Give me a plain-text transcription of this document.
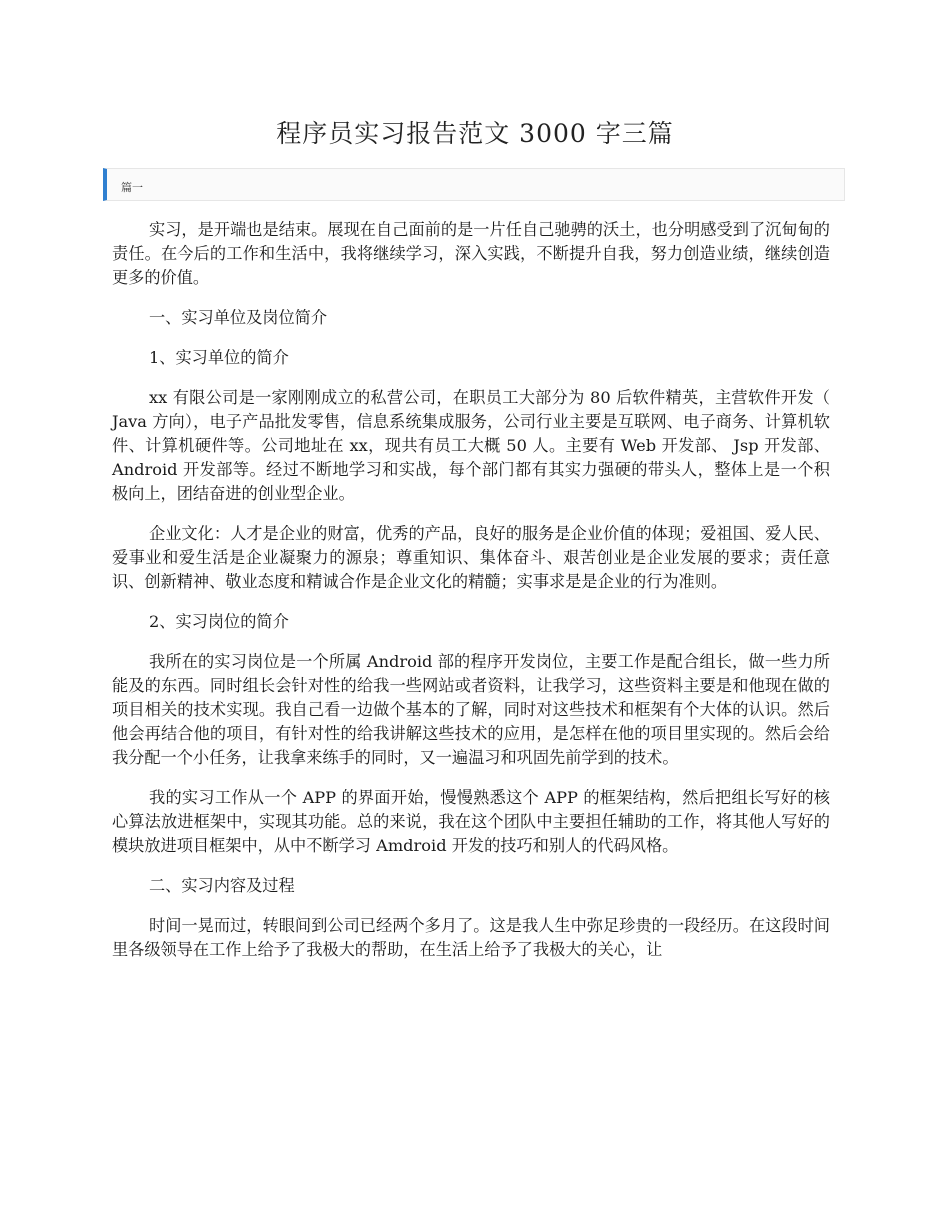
程序员实习报告范文 3000 字三篇
篇一

实习，是开端也是结束。展现在自己面前的是一片任自己驰骋的沃土，也分明感受到了沉甸甸的责任。在今后的工作和生活中，我将继续学习，深入实践，不断提升自我，努力创造业绩，继续创造更多的价值。

一、实习单位及岗位简介

1、实习单位的简介

xx 有限公司是一家刚刚成立的私营公司，在职员工大部分为 80 后软件精英，主营软件开发（ Java 方向），电子产品批发零售，信息系统集成服务，公司行业主要是互联网、电子商务、计算机软件、计算机硬件等。公司地址在 xx，现共有员工大概 50 人。主要有 Web 开发部、 Jsp 开发部、 Android 开发部等。经过不断地学习和实战，每个部门都有其实力强硬的带头人，整体上是一个积极向上，团结奋进的创业型企业。

企业文化：人才是企业的财富，优秀的产品，良好的服务是企业价值的体现；爱祖国、爱人民、爱事业和爱生活是企业凝聚力的源泉；尊重知识、集体奋斗、艰苦创业是企业发展的要求；责任意识、创新精神、敬业态度和精诚合作是企业文化的精髓；实事求是是企业的行为准则。

2、实习岗位的简介

我所在的实习岗位是一个所属 Android 部的程序开发岗位，主要工作是配合组长，做一些力所能及的东西。同时组长会针对性的给我一些网站或者资料，让我学习，这些资料主要是和他现在做的项目相关的技术实现。我自己看一边做个基本的了解，同时对这些技术和框架有个大体的认识。然后他会再结合他的项目，有针对性的给我讲解这些技术的应用，是怎样在他的项目里实现的。然后会给我分配一个小任务，让我拿来练手的同时，又一遍温习和巩固先前学到的技术。

我的实习工作从一个 APP 的界面开始，慢慢熟悉这个 APP 的框架结构，然后把组长写好的核心算法放进框架中，实现其功能。总的来说，我在这个团队中主要担任辅助的工作，将其他人写好的模块放进项目框架中，从中不断学习 Amdroid 开发的技巧和别人的代码风格。

二、实习内容及过程

时间一晃而过，转眼间到公司已经两个多月了。这是我人生中弥足珍贵的一段经历。在这段时间里各级领导在工作上给予了我极大的帮助，在生活上给予了我极大的关心，让
